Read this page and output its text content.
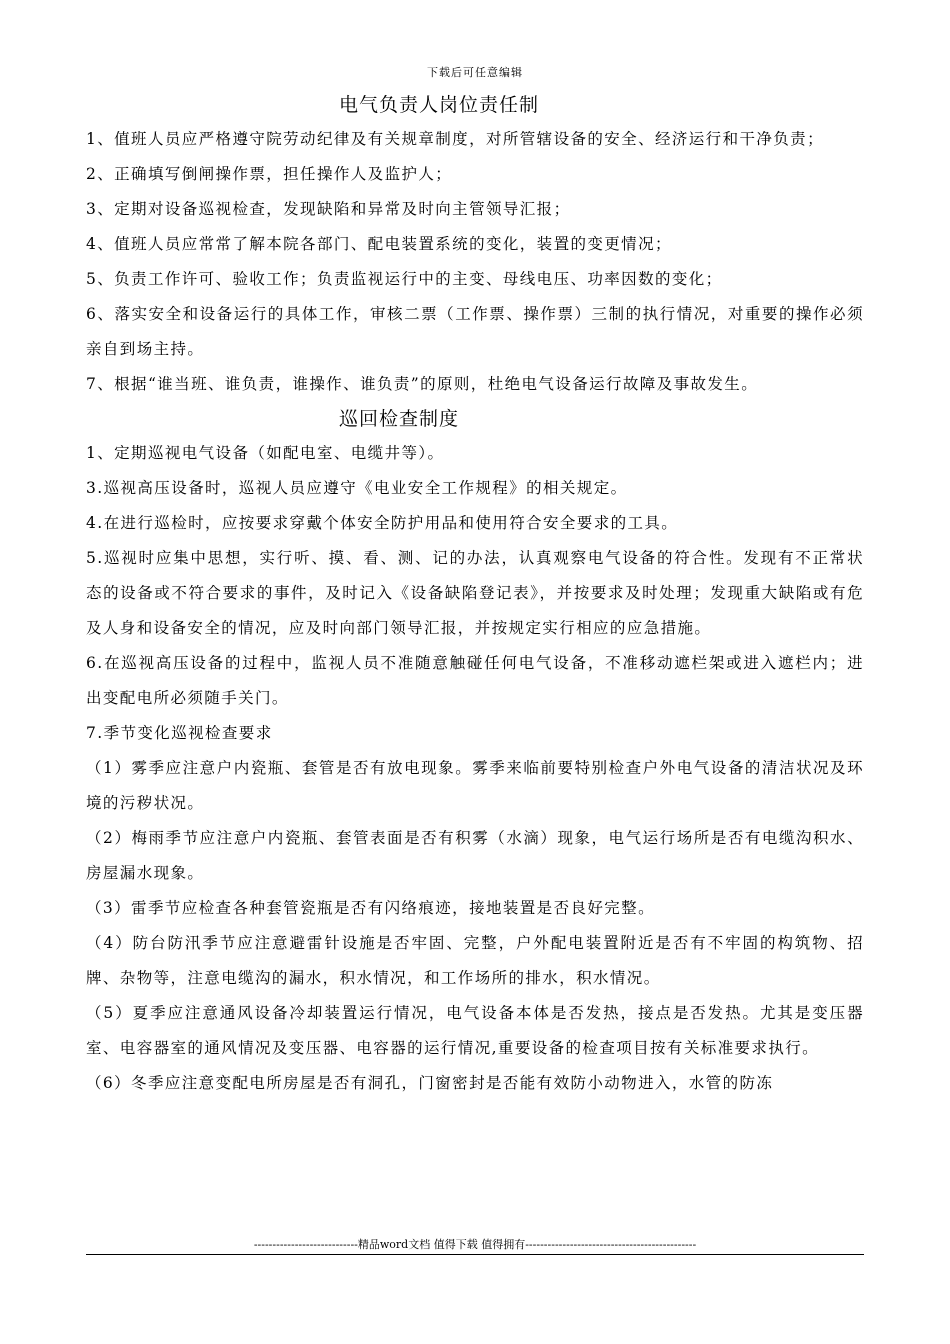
下载后可任意编辑
电气负责人岗位责任制

1、值班人员应严格遵守院劳动纪律及有关规章制度，对所管辖设备的安全、经济运行和干净负责；

2、正确填写倒闸操作票，担任操作人及监护人；

3、定期对设备巡视检查，发现缺陷和异常及时向主管领导汇报；

4、值班人员应常常了解本院各部门、配电装置系统的变化，装置的变更情况；

5、负责工作许可、验收工作；负责监视运行中的主变、母线电压、功率因数的变化；

6、落实安全和设备运行的具体工作，审核二票（工作票、操作票）三制的执行情况，对重要的操作必须亲自到场主持。

7、根据“谁当班、谁负责，谁操作、谁负责”的原则，杜绝电气设备运行故障及事故发生。

巡回检查制度

1、定期巡视电气设备（如配电室、电缆井等）。

3.巡视高压设备时，巡视人员应遵守《电业安全工作规程》的相关规定。

4.在进行巡检时，应按要求穿戴个体安全防护用品和使用符合安全要求的工具。

5.巡视时应集中思想，实行听、摸、看、测、记的办法，认真观察电气设备的符合性。发现有不正常状态的设备或不符合要求的事件，及时记入《设备缺陷登记表》，并按要求及时处理；发现重大缺陷或有危及人身和设备安全的情况，应及时向部门领导汇报，并按规定实行相应的应急措施。

6.在巡视高压设备的过程中，监视人员不准随意触碰任何电气设备，不准移动遮栏架或进入遮栏内；进出变配电所必须随手关门。

7.季节变化巡视检查要求

（1）雾季应注意户内瓷瓶、套管是否有放电现象。雾季来临前要特别检查户外电气设备的清洁状况及环境的污秽状况。

（2）梅雨季节应注意户内瓷瓶、套管表面是否有积雾（水滴）现象，电气运行场所是否有电缆沟积水、房屋漏水现象。

（3）雷季节应检查各种套管瓷瓶是否有闪络痕迹，接地装置是否良好完整。

（4）防台防汛季节应注意避雷针设施是否牢固、完整，户外配电装置附近是否有不牢固的构筑物、招牌、杂物等，注意电缆沟的漏水，积水情况，和工作场所的排水，积水情况。

（5）夏季应注意通风设备冷却装置运行情况，电气设备本体是否发热，接点是否发热。尤其是变压器室、电容器室的通风情况及变压器、电容器的运行情况,重要设备的检查项目按有关标准要求执行。

（6）冬季应注意变配电所房屋是否有洞孔，门窗密封是否能有效防小动物进入，水管的防冻

----------------------------精品word文档 值得下载 值得拥有----------------------------------------------
